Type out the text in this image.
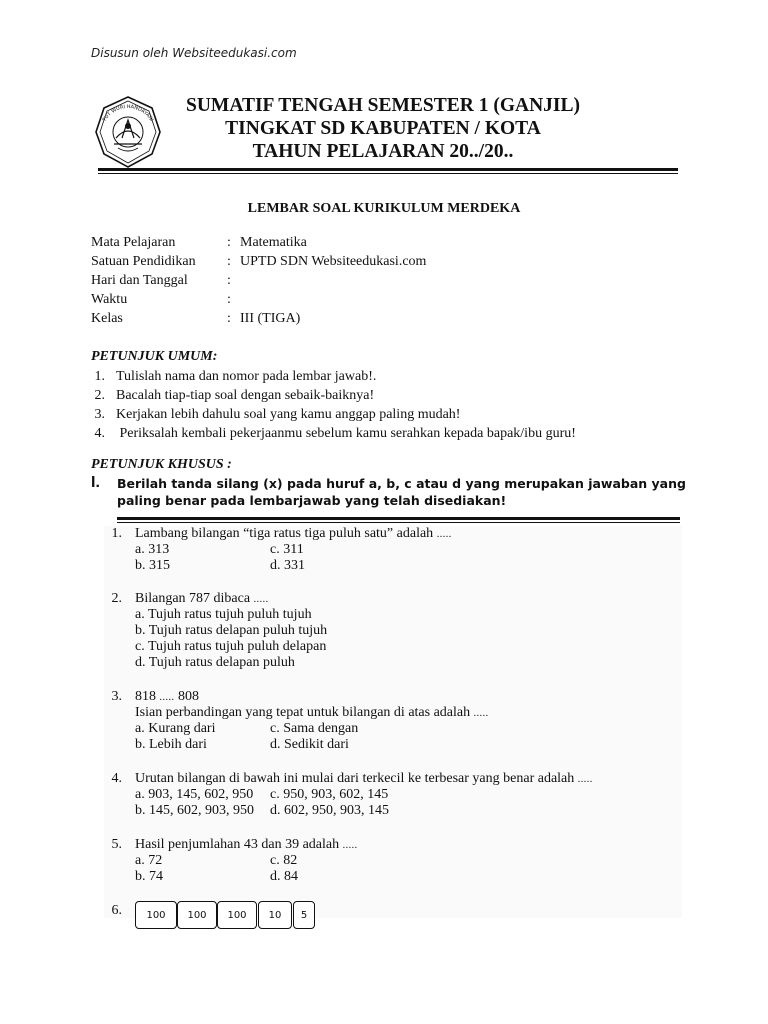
Disusun oleh Websiteedukasi.com
TUT WURI HANDAYANI
SUMATIF TENGAH SEMESTER 1 (GANJIL)
TINGKAT SD KABUPATEN / KOTA
TAHUN PELAJARAN 20../20..
LEMBAR SOAL KURIKULUM MERDEKA
Mata Pelajaran	: Matematika
Satuan Pendidikan : UPTD SDN Websiteedukasi.com
Hari dan Tanggal	:
Waktu	:
Kelas	: III (TIGA)
PETUNJUK UMUM:
1. Tulislah nama dan nomor pada lembar jawab!.
2. Bacalah tiap-tiap soal dengan sebaik-baiknya!
3. Kerjakan lebih dahulu soal yang kamu anggap paling mudah!
4. Periksalah kembali pekerjaanmu sebelum kamu serahkan kepada bapak/ibu guru!
PETUNJUK KHUSUS :
I. Berilah tanda silang (x) pada huruf a, b, c atau d yang merupakan jawaban yang paling benar pada lembarjawab yang telah disediakan!
1. Lambang bilangan “tiga ratus tiga puluh satu” adalah .....
a. 313	c. 311
b. 315	d. 331
2. Bilangan 787 dibaca .....
a. Tujuh ratus tujuh puluh tujuh
b. Tujuh ratus delapan puluh tujuh
c. Tujuh ratus tujuh puluh delapan
d. Tujuh ratus delapan puluh
3. 818 ..... 808
Isian perbandingan yang tepat untuk bilangan di atas adalah .....
a. Kurang dari	c. Sama dengan
b. Lebih dari	d. Sedikit dari
4. Urutan bilangan di bawah ini mulai dari terkecil ke terbesar yang benar adalah .....
a. 903, 145, 602, 950 c. 950, 903, 602, 145
b. 145, 602, 903, 950 d. 602, 950, 903, 145
5. Hasil penjumlahan 43 dan 39 adalah .....
a. 72	c. 82
b. 74	d. 84
6.	100	100	100	10	5
